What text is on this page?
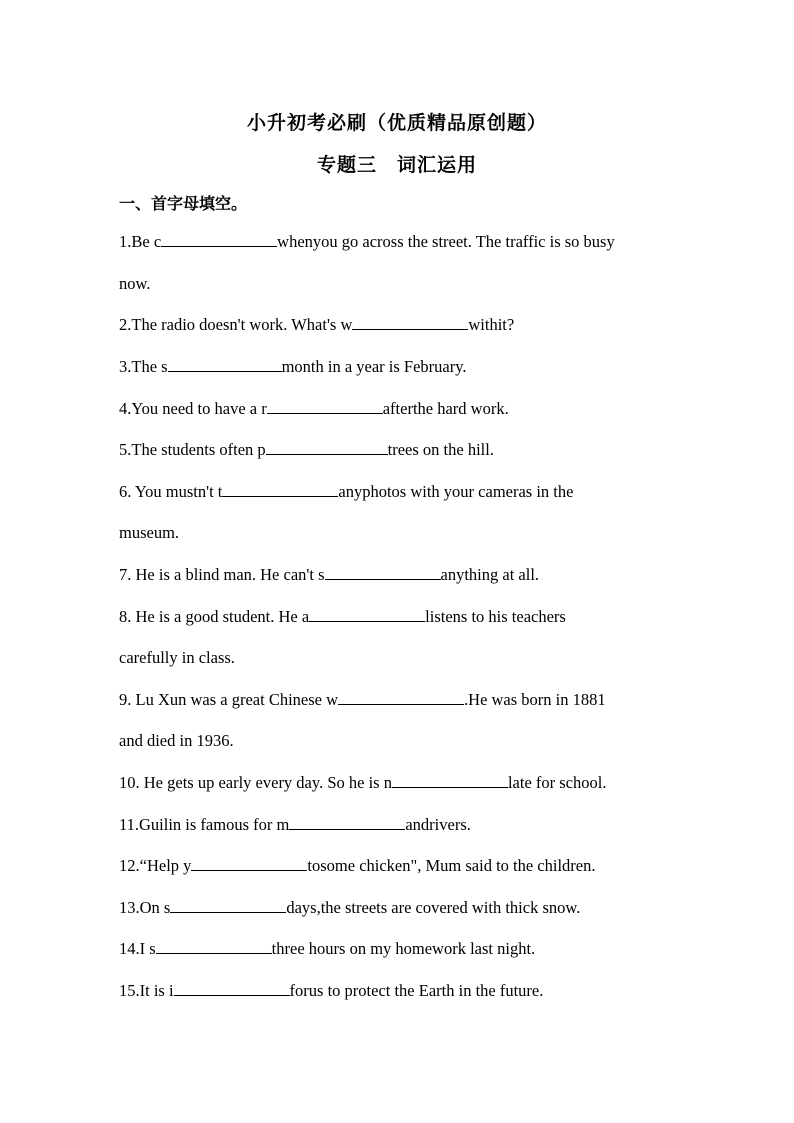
小升初考必刷（优质精品原创题）
专题三　词汇运用
一、首字母填空。
1.Be c	whenyou go across the street. The traffic is so busy
now.
2.The radio doesn't work. What's w	withit?
3.The s	month in a year is February.
4.You need to have a r	afterthe hard work.
5.The students often p	trees on the hill.
6. You mustn't t	anyphotos with your cameras in the
museum.
7. He is a blind man. He can't s	anything at all.
8. He is a good student. He a	listens to his teachers
carefully in class.
9. Lu Xun was a great Chinese w	.He was born in 1881
and died in 1936.
10. He gets up early every day. So he is n	late for school.
11.Guilin is famous for m	andrivers.
12.“Help y	tosome chicken", Mum said to the children.
13.On s	days,the streets are covered with thick snow.
14.I s	three hours on my homework last night.
15.It is i	forus to protect the Earth in the future.
